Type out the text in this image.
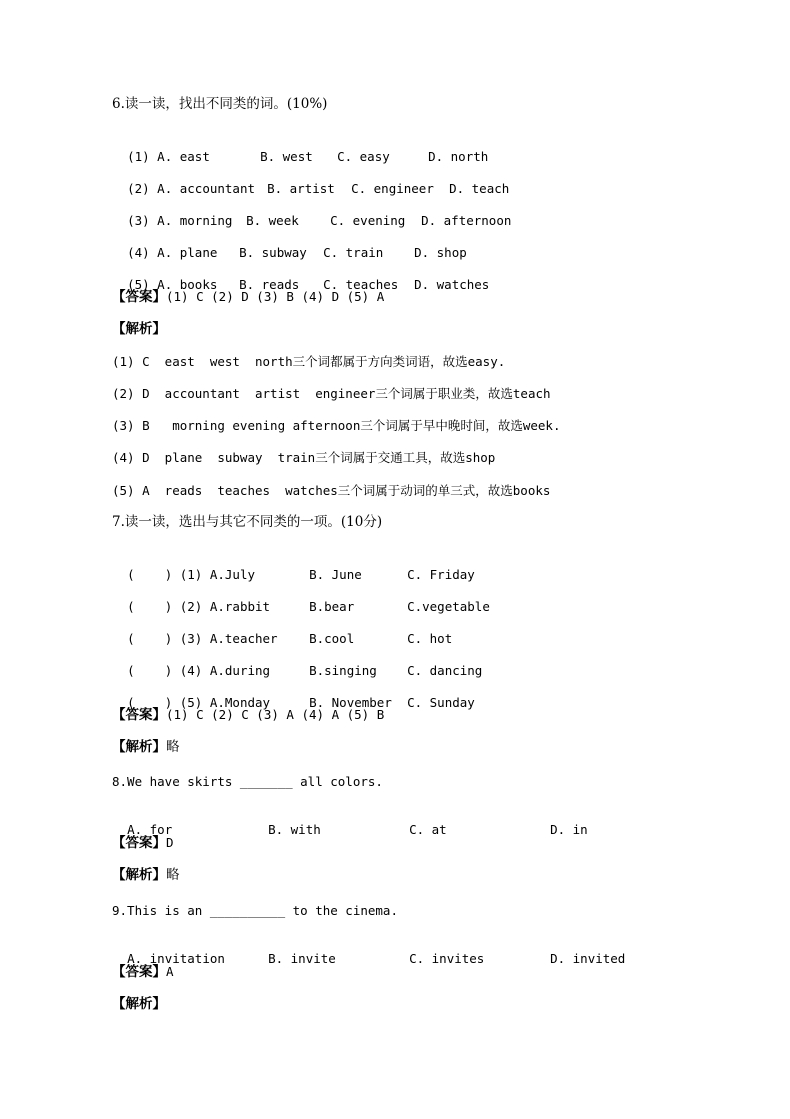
6.读一读，找出不同类的词。(10%)

(1) A. east	B. west C. easy	D. north

(2) A. accountant B. artist C. engineer D. teach

(3) A. morning B. week	C. evening D. afternoon

(4) A. plane B. subway C. train D. shop

(5) A. books B. reads C. teaches D. watches

【答案】(1) C (2) D (3) B (4) D (5) A
【解析】
(1) C  east  west  north三个词都属于方向类词语，故选easy.
(2) D  accountant  artist  engineer三个词属于职业类，故选teach
(3) B   morning evening afternoon三个词属于早中晚时间，故选week.
(4) D  plane  subway  train三个词属于交通工具，故选shop
(5) A  reads  teaches  watches三个词属于动词的单三式，故选books
7.读一读，选出与其它不同类的一项。(10分)

(    ) (1) A.July	B. June	C. Friday

(    ) (2) A.rabbit	B.bear	C.vegetable

(    ) (3) A.teacher	B.cool	C. hot

(    ) (4) A.during	B.singing C. dancing

(    ) (5) A.Monday	B. November C. Sunday

【答案】(1) C (2) C (3) A (4) A (5) B
【解析】略
8.We have skirts _______ all colors.

A. for	B. with	C. at	D. in

【答案】D
【解析】略
9.This is an __________ to the cinema.

A. invitation	B. invite	C. invites	D. invited

【答案】A
【解析】
